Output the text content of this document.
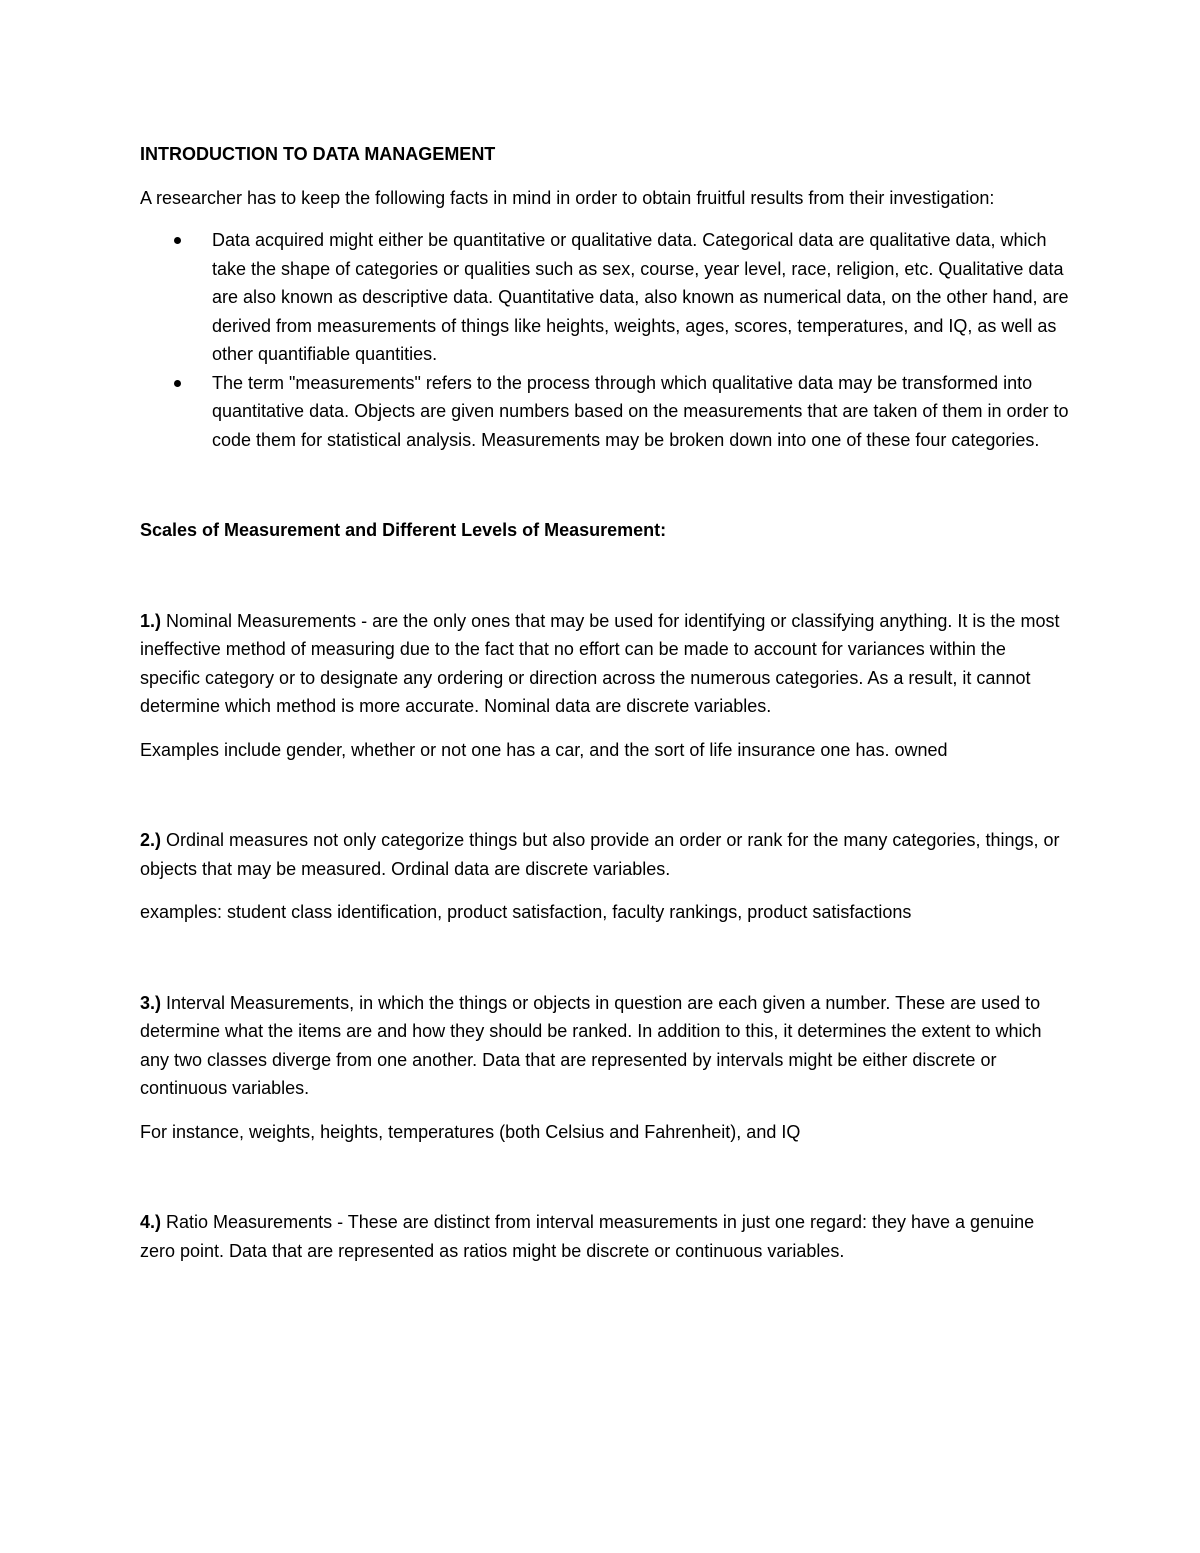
INTRODUCTION TO DATA MANAGEMENT

A researcher has to keep the following facts in mind in order to obtain fruitful results from their investigation:

Data acquired might either be quantitative or qualitative data. Categorical data are qualitative data, which take the shape of categories or qualities such as sex, course, year level, race, religion, etc. Qualitative data are also known as descriptive data. Quantitative data, also known as numerical data, on the other hand, are derived from measurements of things like heights, weights, ages, scores, temperatures, and IQ, as well as other quantifiable quantities.
The term "measurements" refers to the process through which qualitative data may be transformed into quantitative data. Objects are given numbers based on the measurements that are taken of them in order to code them for statistical analysis. Measurements may be broken down into one of these four categories.

Scales of Measurement and Different Levels of Measurement:

1.) Nominal Measurements - are the only ones that may be used for identifying or classifying anything. It is the most ineffective method of measuring due to the fact that no effort can be made to account for variances within the specific category or to designate any ordering or direction across the numerous categories. As a result, it cannot determine which method is more accurate. Nominal data are discrete variables.

Examples include gender, whether or not one has a car, and the sort of life insurance one has. owned

2.) Ordinal measures not only categorize things but also provide an order or rank for the many categories, things, or objects that may be measured. Ordinal data are discrete variables.

examples: student class identification, product satisfaction, faculty rankings, product satisfactions

3.) Interval Measurements, in which the things or objects in question are each given a number. These are used to determine what the items are and how they should be ranked. In addition to this, it determines the extent to which any two classes diverge from one another. Data that are represented by intervals might be either discrete or continuous variables.

For instance, weights, heights, temperatures (both Celsius and Fahrenheit), and IQ

4.) Ratio Measurements - These are distinct from interval measurements in just one regard: they have a genuine zero point. Data that are represented as ratios might be discrete or continuous variables.
